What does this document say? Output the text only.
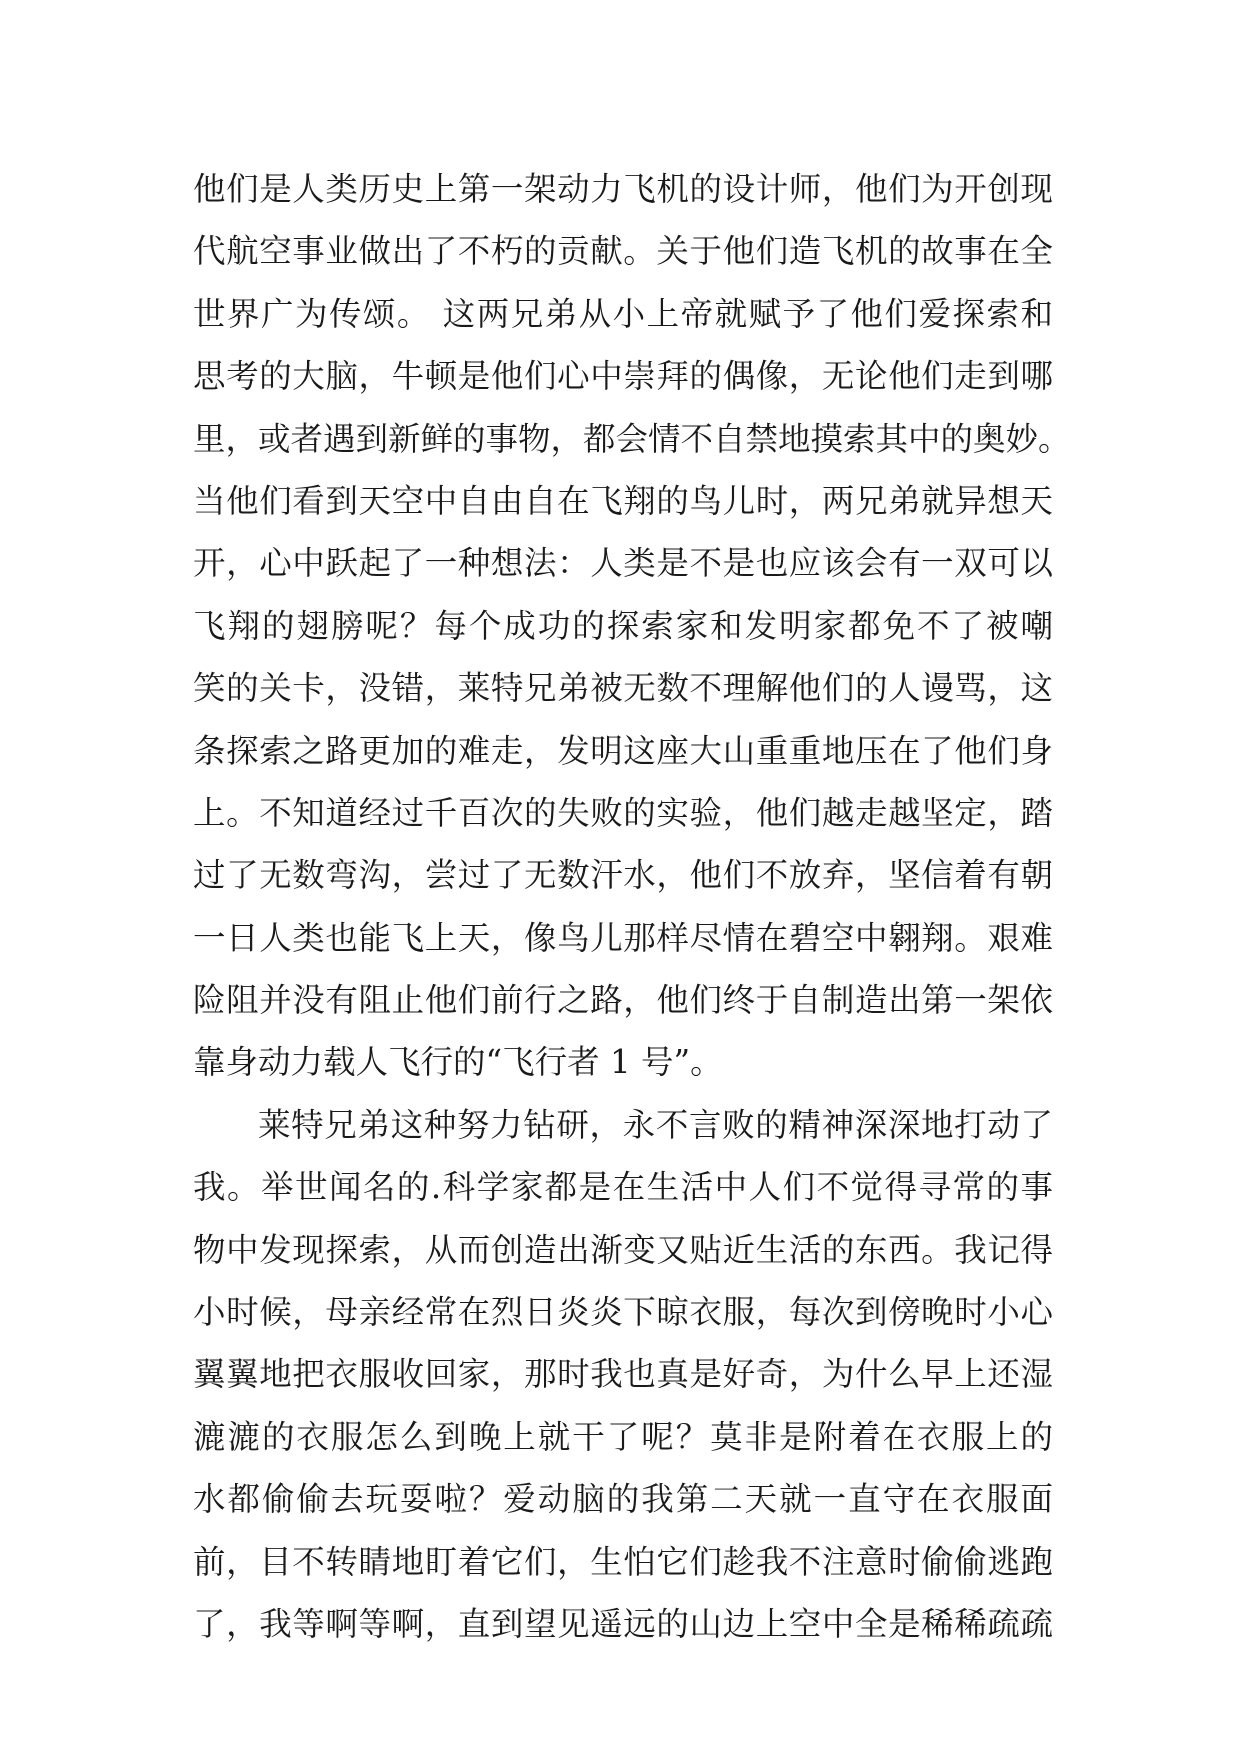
他们是人类历史上第一架动力飞机的设计师，他们为开创现
代航空事业做出了不朽的贡献。关于他们造飞机的故事在全
世界广为传颂。 这两兄弟从小上帝就赋予了他们爱探索和
思考的大脑，牛顿是他们心中崇拜的偶像，无论他们走到哪
里，或者遇到新鲜的事物，都会情不自禁地摸索其中的奥妙。
当他们看到天空中自由自在飞翔的鸟儿时，两兄弟就异想天
开，心中跃起了一种想法：人类是不是也应该会有一双可以
飞翔的翅膀呢？每个成功的探索家和发明家都免不了被嘲
笑的关卡，没错，莱特兄弟被无数不理解他们的人谩骂，这
条探索之路更加的难走，发明这座大山重重地压在了他们身
上。不知道经过千百次的失败的实验，他们越走越坚定，踏
过了无数弯沟，尝过了无数汗水，他们不放弃，坚信着有朝
一日人类也能飞上天，像鸟儿那样尽情在碧空中翱翔。艰难
险阻并没有阻止他们前行之路，他们终于自制造出第一架依
靠身动力载人飞行的“飞行者 1 号”。
莱特兄弟这种努力钻研，永不言败的精神深深地打动了
我。举世闻名的.科学家都是在生活中人们不觉得寻常的事
物中发现探索，从而创造出渐变又贴近生活的东西。我记得
小时候，母亲经常在烈日炎炎下晾衣服，每次到傍晚时小心
翼翼地把衣服收回家，那时我也真是好奇，为什么早上还湿
漉漉的衣服怎么到晚上就干了呢？莫非是附着在衣服上的
水都偷偷去玩耍啦？爱动脑的我第二天就一直守在衣服面
前，目不转睛地盯着它们，生怕它们趁我不注意时偷偷逃跑
了，我等啊等啊，直到望见遥远的山边上空中全是稀稀疏疏
